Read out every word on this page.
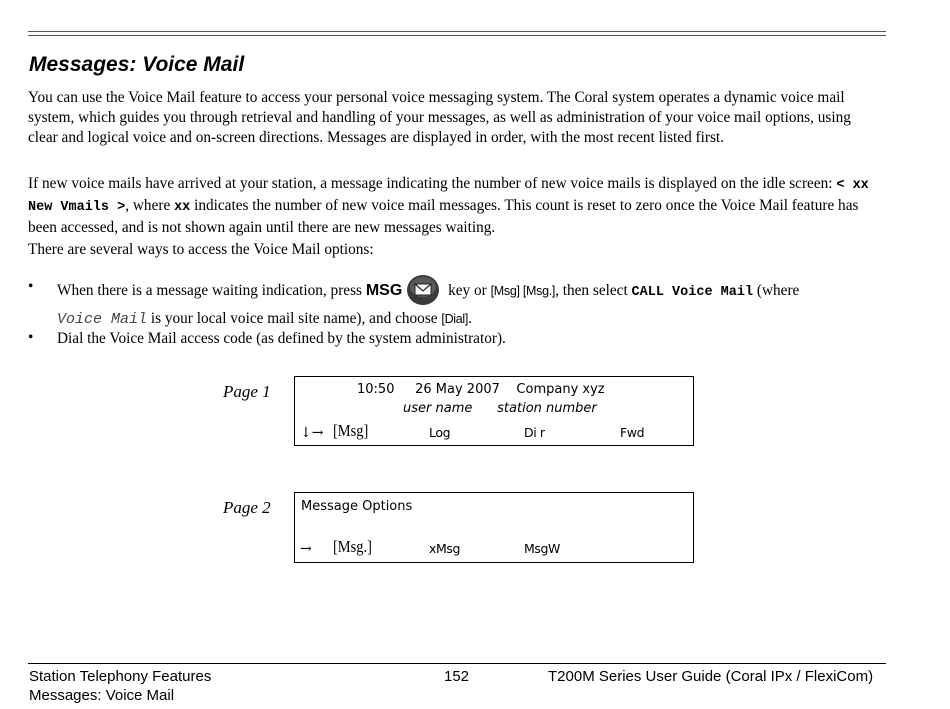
Messages: Voice Mail
You can use the Voice Mail feature to access your personal voice messaging system. The Coral system operates a dynamic voice mail system, which guides you through retrieval and handling of your messages, as well as administration of your voice mail options, using clear and logical voice and on-screen directions. Messages are displayed in order, with the most recent listed first.
If new voice mails have arrived at your station, a message indicating the number of new voice mails is displayed on the idle screen: < xx New Vmails >, where xx indicates the number of new voice mail messages. This count is reset to zero once the Voice Mail feature has been accessed, and is not shown again until there are new messages waiting.
There are several ways to access the Voice Mail options:
• When there is a message waiting indication, press MSG	key or [Msg] [Msg.], then select CALL Voice Mail (where
Voice Mail is your local voice mail site name), and choose [Dial].
• Dial the Voice Mail access code (as defined by the system administrator).
Page 1	10:50     26 May 2007    Company xyz
user name      station number
↓→ [Msg]	Log	Di r	Fwd
Page 2 Message Options
→ [Msg.]	xMsg	MsgW
Station Telephony Features
Messages: Voice Mail
152	T200M Series User Guide (Coral IPx / FlexiCom)
